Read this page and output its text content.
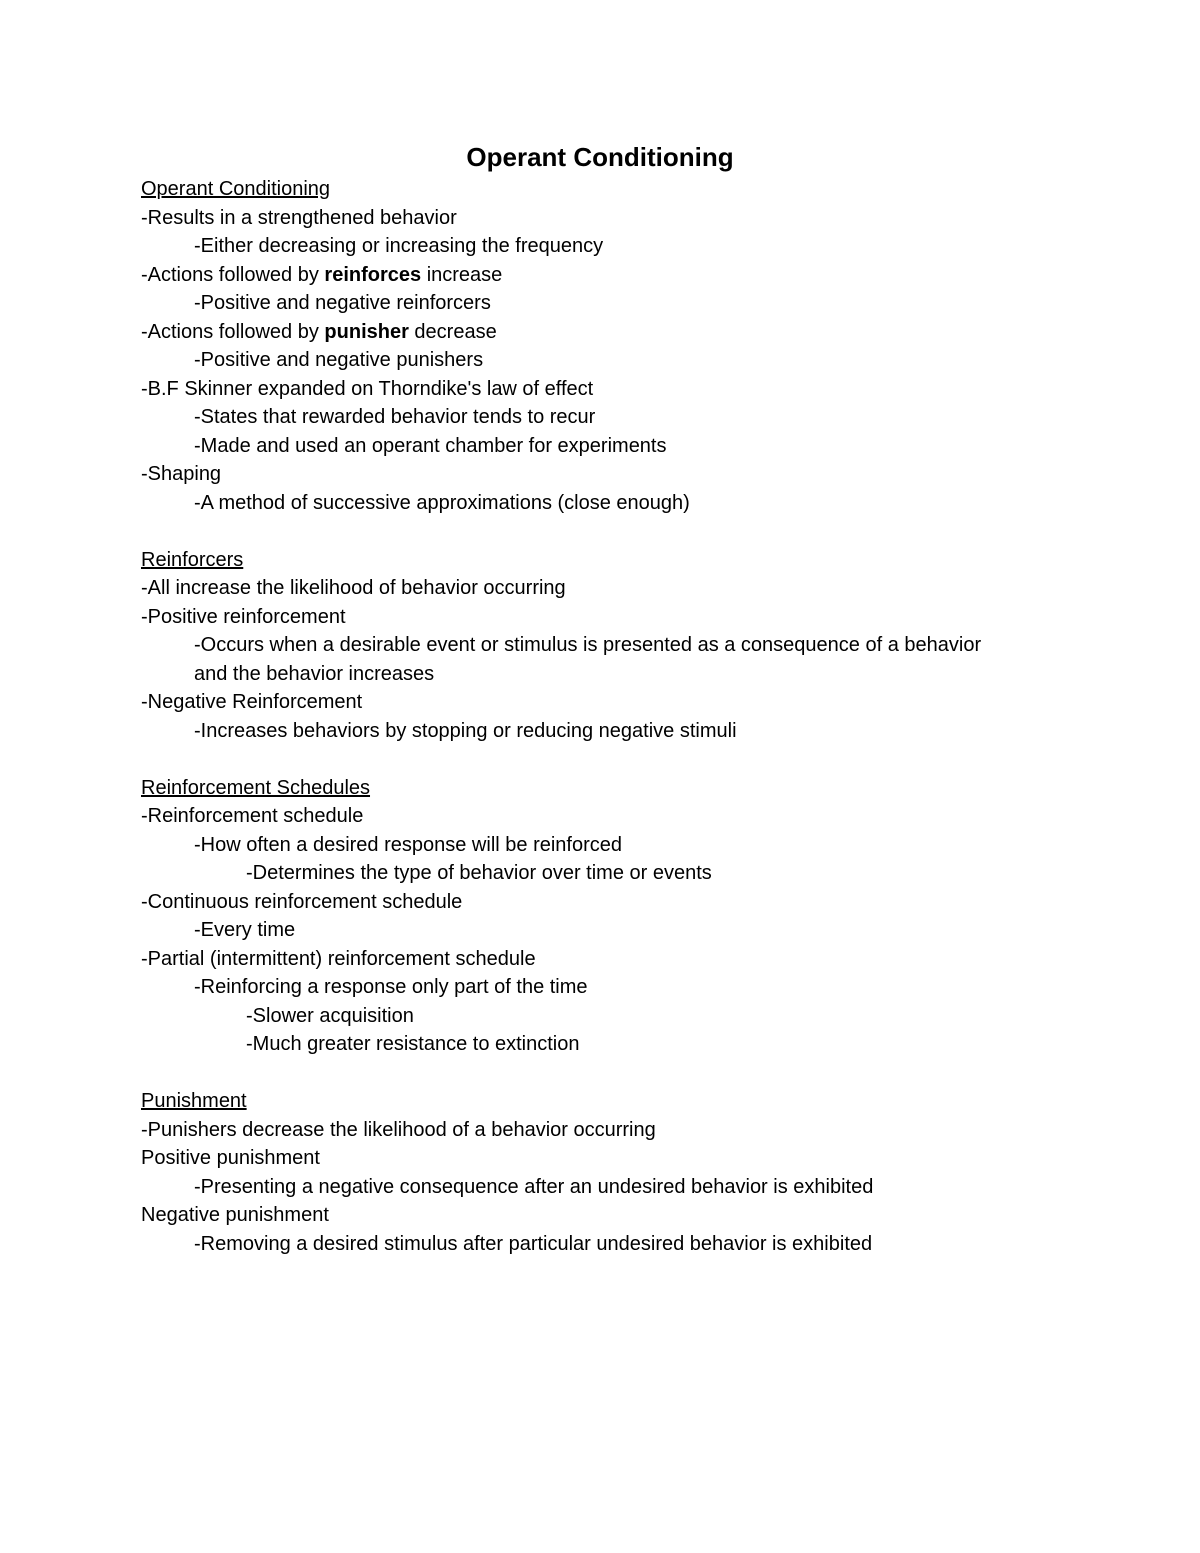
Operant Conditioning
Operant Conditioning
-Results in a strengthened behavior
-Either decreasing or increasing the frequency
-Actions followed by reinforces increase
-Positive and negative reinforcers
-Actions followed by punisher decrease
-Positive and negative punishers
-B.F Skinner expanded on Thorndike's law of effect
-States that rewarded behavior tends to recur
-Made and used an operant chamber for experiments
-Shaping
-A method of successive approximations (close enough)
Reinforcers
-All increase the likelihood of behavior occurring
-Positive reinforcement
-Occurs when a desirable event or stimulus is presented as a consequence of a behavior
and the behavior increases
-Negative Reinforcement
-Increases behaviors by stopping or reducing negative stimuli
Reinforcement Schedules
-Reinforcement schedule
-How often a desired response will be reinforced
-Determines the type of behavior over time or events
-Continuous reinforcement schedule
-Every time
-Partial (intermittent) reinforcement schedule
-Reinforcing a response only part of the time
-Slower acquisition
-Much greater resistance to extinction
Punishment
-Punishers decrease the likelihood of a behavior occurring
Positive punishment
-Presenting a negative consequence after an undesired behavior is exhibited
Negative punishment
-Removing a desired stimulus after particular undesired behavior is exhibited
